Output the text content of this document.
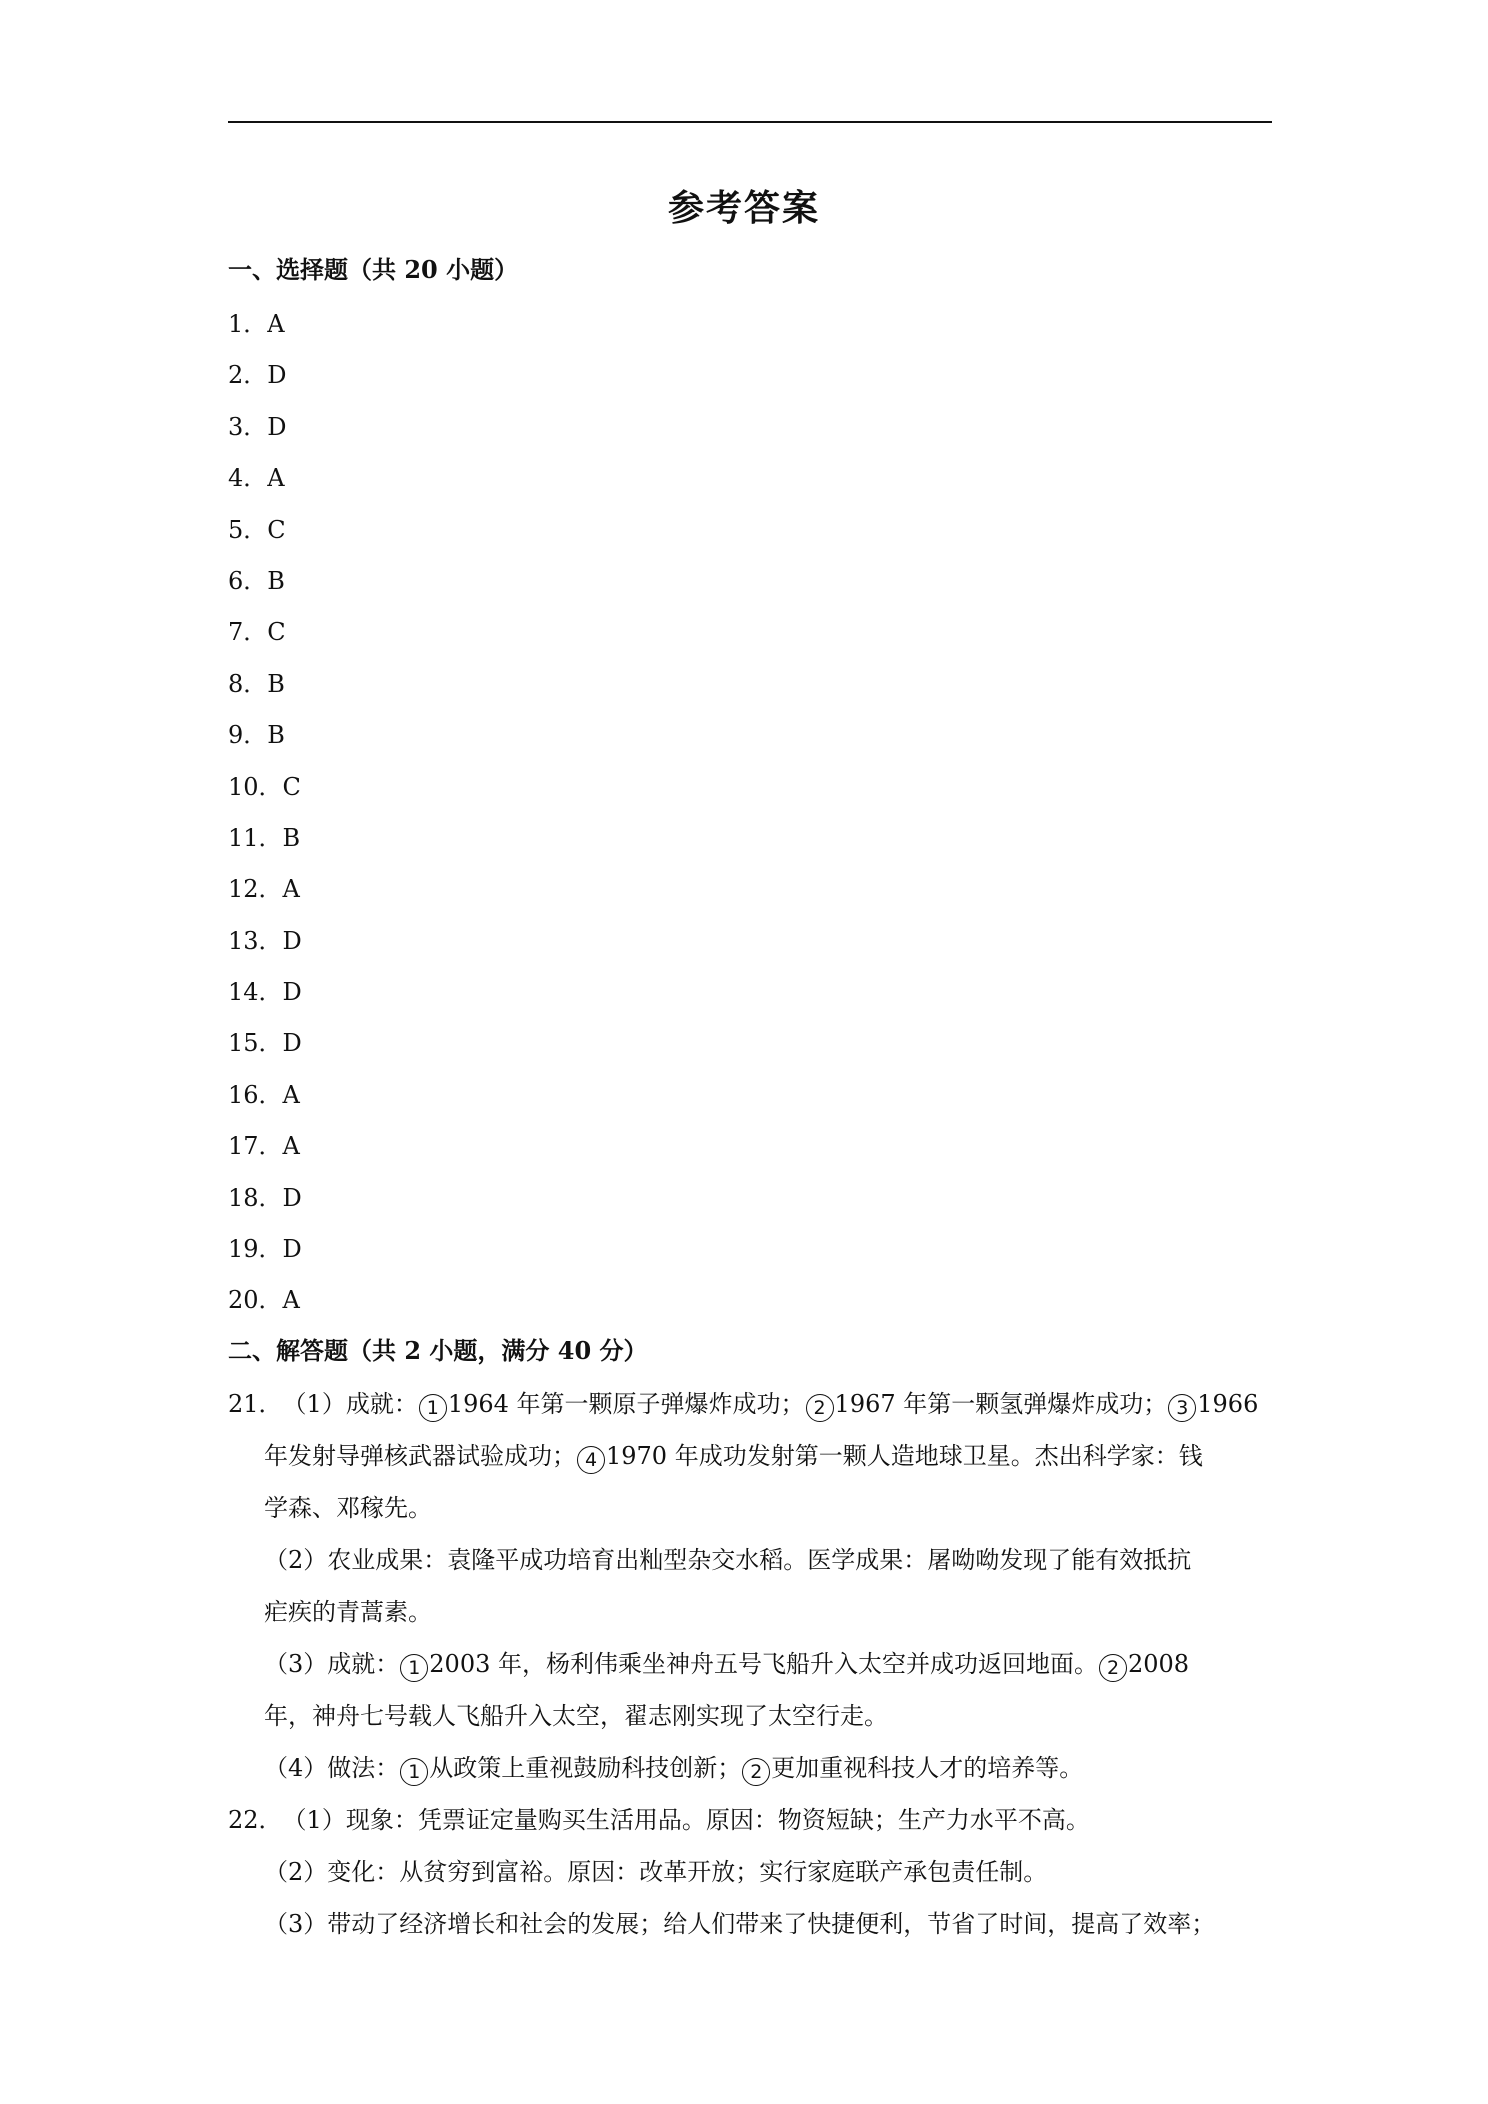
参考答案
一、选择题（共 20 小题）
1．A
2．D
3．D
4．A
5．C
6．B
7．C
8．B
9．B
10．C
11．B
12．A
13．D
14．D
15．D
16．A
17．A
18．D
19．D
20．A
二、解答题（共 2 小题，满分 40 分）
21．（1）成就： 1 1964 年第一颗原子弹爆炸成功； 2 1967 年第一颗氢弹爆炸成功； 3 1966
年发射导弹核武器试验成功； 4 1970 年成功发射第一颗人造地球卫星。杰出科学家：钱
学森、邓稼先。
（2）农业成果：袁隆平成功培育出籼型杂交水稻。医学成果：屠呦呦发现了能有效抵抗
疟疾的青蒿素。
（3）成就： 1 2003 年，杨利伟乘坐神舟五号飞船升入太空并成功返回地面。 2 2008
年，神舟七号载人飞船升入太空，翟志刚实现了太空行走。
（4）做法： 1 从政策上重视鼓励科技创新； 2 更加重视科技人才的培养等。
22．（1）现象：凭票证定量购买生活用品。原因：物资短缺；生产力水平不高。
（2）变化：从贫穷到富裕。原因：改革开放；实行家庭联产承包责任制。
（3）带动了经济增长和社会的发展；给人们带来了快捷便利，节省了时间，提高了效率；
